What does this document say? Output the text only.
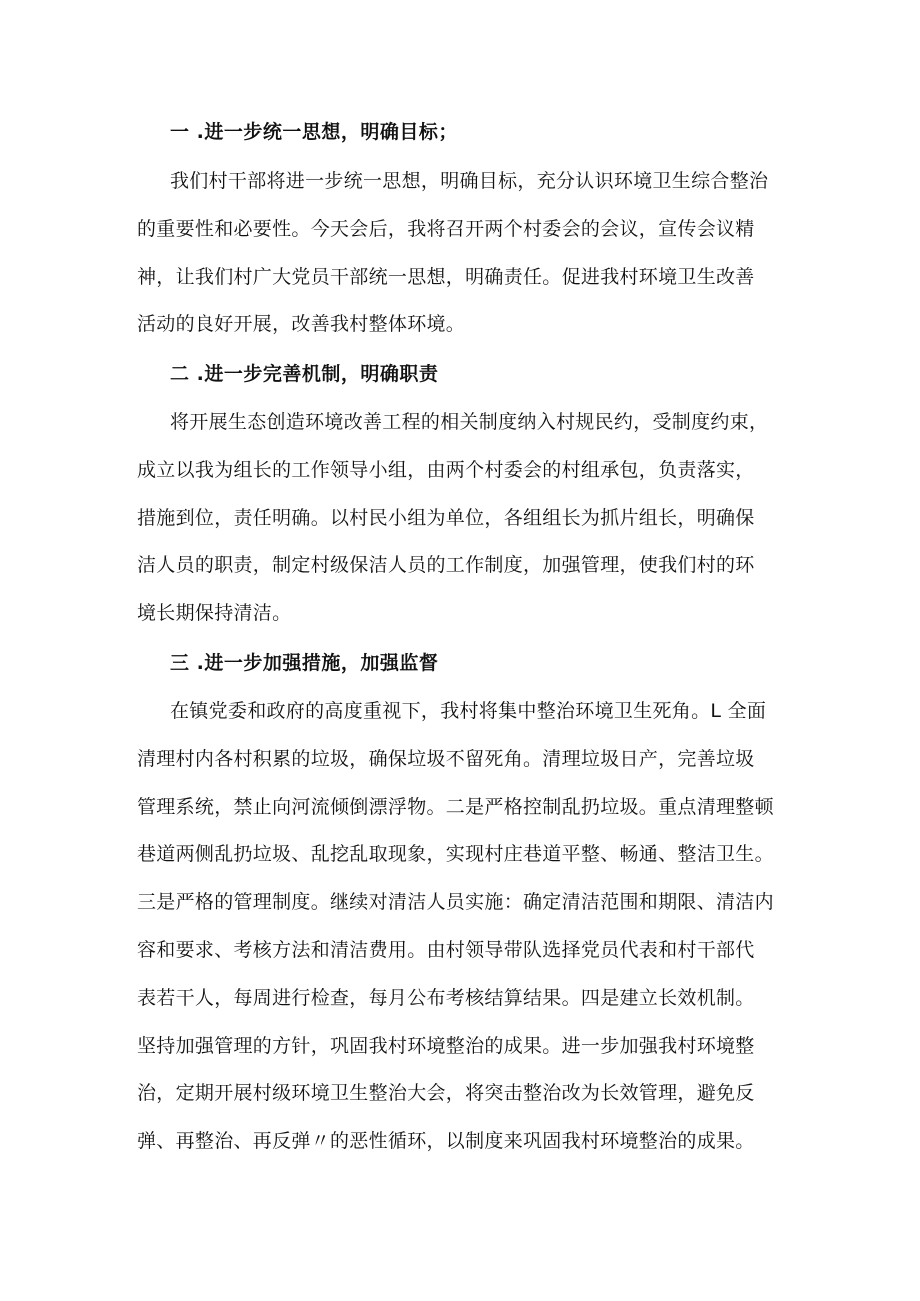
一 .进一步统一思想，明确目标；
我们村干部将进一步统一思想，明确目标，充分认识环境卫生综合整治
的重要性和必要性。今天会后，我将召开两个村委会的会议，宣传会议精
神，让我们村广大党员干部统一思想，明确责任。促进我村环境卫生改善
活动的良好开展，改善我村整体环境。
二 .进一步完善机制，明确职责
将开展生态创造环境改善工程的相关制度纳入村规民约，受制度约束，
成立以我为组长的工作领导小组，由两个村委会的村组承包，负责落实，
措施到位，责任明确。以村民小组为单位，各组组长为抓片组长，明确保
洁人员的职责，制定村级保洁人员的工作制度，加强管理，使我们村的环
境长期保持清洁。
三 .进一步加强措施，加强监督
在镇党委和政府的高度重视下，我村将集中整治环境卫生死角。L 全面
清理村内各村积累的垃圾，确保垃圾不留死角。清理垃圾日产，完善垃圾
管理系统，禁止向河流倾倒漂浮物。二是严格控制乱扔垃圾。重点清理整顿
巷道两侧乱扔垃圾、乱挖乱取现象，实现村庄巷道平整、畅通、整洁卫生。
三是严格的管理制度。继续对清洁人员实施：确定清洁范围和期限、清洁内
容和要求、考核方法和清洁费用。由村领导带队选择党员代表和村干部代
表若干人，每周进行检查，每月公布考核结算结果。四是建立长效机制。
坚持加强管理的方针，巩固我村环境整治的成果。进一步加强我村环境整
治，定期开展村级环境卫生整治大会，将突击整治改为长效管理，避免反
弹、再整治、再反弹〃的恶性循环，以制度来巩固我村环境整治的成果。
